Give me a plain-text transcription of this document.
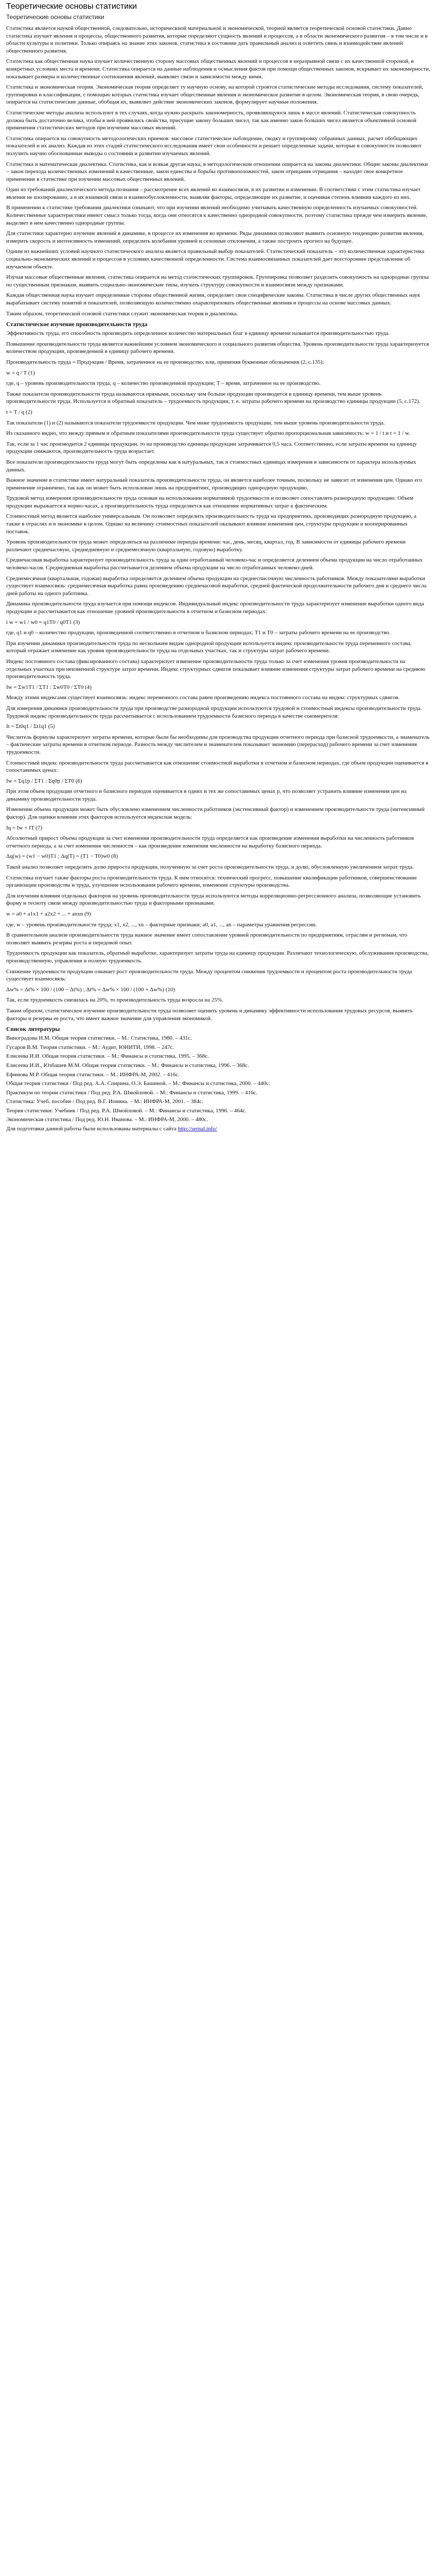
Теоретические основы статистики
Теоретические основы статистики
Статистика является наукой общественной, следовательно, историческиой материальной и экономической, теорией является теоретической основой статистики. Давно статистика изучает явления и процессы, общественного развития, которые определяют сущность явлений и процессов, а в области экономического развития – в том числе и в области культуры и политики. Только опираясь на знание этих законов, статистика в состоянии дать правильный анализ и осветить связь и взаимодействие явлений общественного развития.
Статистика как общественная наука изучает количественную сторону массовых общественных явлений и процессов в неразрывной связи с их качественной стороной, в конкретных условиях места и времени. Статистика опирается на данные наблюдения и осмысления фактов при помощи общественных законов, вскрывает их закономерности, показывает размеры и количественные соотношения явлений, выявляет связи и зависимости между ними.
Статистика и экономическая теория. Экономическая теория определяет ту научную основу, на которой строятся статистические методы исследования, систему показателей, группировки и классификации, с помощью которых статистика изучает общественные явления и экономическое развитие в целом. Экономическая теория, в свою очередь, опирается на статистические данные, обобщая их, выявляет действие экономических законов, формулирует научные положения.
Статистические методы анализа используют в тех случаях, когда нужно раскрыть закономерность, проявляющуюся лишь в массе явлений. Статистическая совокупность должна быть достаточно велика, чтобы в ней проявились свойства, присущие закону больших чисел, так как именно закон больших чисел является объективной основой применения статистических методов при изучении массовых явлений.
Статистика опирается на совокупность методологических приемов: массовое статистическое наблюдение, сводку и группировку собранных данных, расчет обобщающих показателей и их анализ. Каждая из этих стадий статистического исследования имеет свои особенности и решает определенные задачи, которые в совокупности позволяют получить научно обоснованные выводы о состоянии и развитии изучаемых явлений.
Статистика и математическая диалектика. Статистика, как и всякая другая наука, в методологическом отношении опирается на законы диалектики. Общие законы диалектики – закон перехода количественных изменений в качественные, закон единства и борьбы противоположностей, закон отрицания отрицания – находят свое конкретное применение в статистике при изучении массовых общественных явлений.
Один из требований диалектического метода познания – рассмотрение всех явлений во взаимосвязи, в их развитии и изменении. В соответствии с этим статистика изучает явления не изолированно, а в их взаимной связи и взаимообусловленности, выявляя факторы, определяющие их развитие, и оценивая степень влияния каждого из них.
В применении к статистике требования диалектики означают, что при изучении явлений необходимо учитывать качественную определенность изучаемых совокупностей. Количественные характеристики имеют смысл только тогда, когда они относятся к качественно однородной совокупности, поэтому статистика прежде чем измерить явление, выделяет в нем качественно однородные группы.
Для статистики характерно изучение явлений в динамике, в процессе их изменения во времени. Ряды динамики позволяют выявить основную тенденцию развития явления, измерить скорость и интенсивность изменений, определить колебания уровней и сезонные отклонения, а также построить прогноз на будущее.
Одним из важнейших условий научного статистического анализа является правильный выбор показателей. Статистический показатель – это количественная характеристика социально-экономических явлений и процессов в условиях качественной определенности. Система взаимосвязанных показателей дает всестороннее представление об изучаемом объекте.
Изучая массовые общественные явления, статистика опирается на метод статистических группировок. Группировка позволяет разделить совокупность на однородные группы по существенным признакам, выявить социально-экономические типы, изучить структуру совокупности и взаимосвязи между признаками.
Каждая общественная наука изучает определенные стороны общественной жизни, определяет свои специфические законы. Статистика в числе других общественных наук вырабатывает систему понятий и показателей, позволяющую количественно охарактеризовать общественные явления и процессы на основе массовых данных.
Таким образом, теоретической основой статистики служит экономическая теория и диалектика.
Статистическое изучение производительности труда
Эффективность труда, его способность производить определенное количество материальных благ в единицу времени называется производительностью труда.
Повышение производительности труда является важнейшим условием экономического и социального развития общества. Уровень производительности труда характеризуется количеством продукции, произведенной в единицу рабочего времени.
Производительность труда = Продукция / Время, затраченное на ее производство, или, применяя буквенные обозначения (2, с.135):
w = q / T (1)
где, q – уровень производительности труда; q – количество произведенной продукции; T – время, затраченное на ее производство.
Также показатели производительности труда называются прямыми, поскольку чем больше продукции производится в единицу времени, тем выше уровень производительности труда. Используется и обратный показатель – трудоемкость продукции, т. е. затраты рабочего времени на производство единицы продукции (5, с.172).
t = T / q (2)
Так показатели (1) и (2) называются показатели трудоемкости продукции. Чем ниже трудоемкость продукции, тем выше уровень производительности труда.
Из сказанного видно, что между прямым и обратным показателями производительности труда существует обратно пропорциональная зависимость: w = 1 / t и t = 1 / w.
Так, если за 1 час производится 2 единицы продукции, то на производство единицы продукции затрачивается 0,5 часа. Соответственно, если затраты времени на единицу продукции снижаются, производительность труда возрастает.
Все показатели производительности труда могут быть определены как в натуральных, так и стоимостных единицах измерения в зависимости от характера используемых данных.
Важное значение в статистике имеет натуральный показатель производительности труда, он является наиболее точным, поскольку не зависит от изменения цен. Однако его применение ограничено, так как он может быть использован лишь на предприятиях, производящих однородную продукцию.
Трудовой метод измерения производительности труда основан на использовании нормативной трудоемкости и позволяет сопоставлять разнородную продукцию. Объем продукции выражается в нормо-часах, а производительность труда определяется как отношение нормативных затрат к фактическим.
Стоимостный метод является наиболее универсальным. Он позволяет определить производительность труда на предприятиях, производящих разнородную продукцию, а также в отраслях и в экономике в целом. Однако на величину стоимостных показателей оказывают влияние изменения цен, структуры продукции и кооперированных поставок.
Уровень производительности труда может определяться на различные периоды времени: час, день, месяц, квартал, год. В зависимости от единицы рабочего времени различают среднечасовую, среднедневную и среднемесячную (квартальную, годовую) выработку.
Среднечасовая выработка характеризует производительность труда за один отработанный человеко-час и определяется делением объема продукции на число отработанных человеко-часов. Среднедневная выработка рассчитывается делением объема продукции на число отработанных человеко-дней.
Среднемесячная (квартальная, годовая) выработка определяется делением объема продукции на среднесписочную численность работников. Между показателями выработки существует взаимосвязь: среднемесячная выработка равна произведению среднечасовой выработки, средней фактической продолжительности рабочего дня и среднего числа дней работы на одного работника.
Динамика производительности труда изучается при помощи индексов. Индивидуальный индекс производительности труда характеризует изменение выработки одного вида продукции и рассчитывается как отношение уровней производительности в отчетном и базисном периодах:
i w = w1 / w0 = q1T0 / q0T1 (3)
где, q1 и q0 – количество продукции, произведенной соответственно в отчетном и базисном периодах; T1 и T0 – затраты рабочего времени на ее производство.
При изучении динамики производительности труда по нескольким видам однородной продукции используется индекс производительности труда переменного состава, который отражает изменение как уровня производительности труда на отдельных участках, так и структуры затрат рабочего времени.
Индекс постоянного состава (фиксированного состава) характеризует изменение производительности труда только за счет изменения уровня производительности на отдельных участках при неизменной структуре затрат времени. Индекс структурных сдвигов показывает влияние изменения структуры затрат рабочего времени на среднюю производительность труда.
Iw = Σw1T1 / ΣT1 : Σw0T0 / ΣT0 (4)
Между этими индексами существует взаимосвязь: индекс переменного состава равен произведению индекса постоянного состава на индекс структурных сдвигов.
Для измерения динамики производительности труда при производстве разнородной продукции используются трудовой и стоимостный индексы производительности труда. Трудовой индекс производительности труда рассчитывается с использованием трудоемкости базисного периода в качестве соизмерителя:
It = Σt0q1 / Σt1q1 (5)
Числитель формулы характеризует затраты времени, которые были бы необходимы для производства продукции отчетного периода при базисной трудоемкости, а знаменатель – фактические затраты времени в отчетном периоде. Разность между числителем и знаменателем показывает экономию (перерасход) рабочего времени за счет изменения трудоемкости.
Стоимостный индекс производительности труда рассчитывается как отношение стоимостной выработки в отчетном и базисном периодах, где объем продукции оценивается в сопоставимых ценах:
Iw = Σq1p / ΣT1 : Σq0p / ΣT0 (6)
При этом объем продукции отчетного и базисного периодов оценивается в одних и тех же сопоставимых ценах p, что позволяет устранить влияние изменения цен на динамику производительности труда.
Изменение объема продукции может быть обусловлено изменением численности работников (экстенсивный фактор) и изменением производительности труда (интенсивный фактор). Для оценки влияния этих факторов используется индексная модель:
Iq = Iw × IT (7)
Абсолютный прирост объема продукции за счет изменения производительности труда определяется как произведение изменения выработки на численность работников отчетного периода, а за счет изменения численности – как произведение изменения численности на выработку базисного периода.
Δq(w) = (w1 − w0)T1 ; Δq(T) = (T1 − T0)w0 (8)
Такой анализ позволяет определить долю прироста продукции, полученную за счет роста производительности труда, и долю, обусловленную увеличением затрат труда.
Статистика изучает также факторы роста производительности труда. К ним относятся: технический прогресс, повышение квалификации работников, совершенствование организации производства и труда, улучшение использования рабочего времени, изменение структуры производства.
Для изучения влияния отдельных факторов на уровень производительности труда используются методы корреляционно-регрессионного анализа, позволяющие установить форму и тесноту связи между производительностью труда и факторными признаками.
w = a0 + a1x1 + a2x2 + ... + anxn (9)
где, w – уровень производительности труда; x1, x2, ..., xn – факторные признаки; a0, a1, ..., an – параметры уравнения регрессии.
В сравнительном анализе производительности труда важное значение имеет сопоставление уровней производительности по предприятиям, отраслям и регионам, что позволяет выявить резервы роста и передовой опыт.
Трудоемкость продукции как показатель, обратный выработке, характеризует затраты труда на единицу продукции. Различают технологическую, обслуживания производства, производственную, управления и полную трудоемкость.
Снижение трудоемкости продукции означает рост производительности труда. Между процентом снижения трудоемкости и процентом роста производительности труда существует взаимосвязь:
Δw% = Δt% × 100 / (100 − Δt%) ; Δt% = Δw% × 100 / (100 + Δw%) (10)
Так, если трудоемкость снизилась на 20%, то производительность труда возросла на 25%.
Таким образом, статистическое изучение производительности труда позволяет оценить уровень и динамику эффективности использования трудовых ресурсов, выявить факторы и резервы ее роста, что имеет важное значение для управления экономикой.
Список литературы
Виноградова Н.М. Общая теория статистики. – М.: Статистика, 1980. – 431с.
Гусаров В.М. Теория статистики. – М.: Аудит, ЮНИТИ, 1998. – 247с.
Елисеева И.И. Общая теория статистики. – М.: Финансы и статистика, 1995. – 368с.
Елисеева И.И., Юзбашев М.М. Общая теория статистики. – М.: Финансы и статистика, 1996. – 368с.
Ефимова М.Р. Общая теория статистики. – М.: ИНФРА-М, 2002. – 416с.
Общая теория статистики / Под ред. А.А. Спирина, О.Э. Башиной. – М.: Финансы и статистика, 2000. – 440с.
Практикум по теории статистики / Под ред. Р.А. Шмойловой. – М.: Финансы и статистика, 1999. – 416с.
Статистика: Учеб. пособие / Под ред. В.Г. Ионина. – М.: ИНФРА-М, 2001. – 384с.
Теория статистики: Учебник / Под ред. Р.А. Шмойловой. – М.: Финансы и статистика, 1996. – 464с.
Экономическая статистика / Под ред. Ю.Н. Иванова. – М.: ИНФРА-М, 2000. – 480с.
Для подготовки данной работы были использованы материалы с сайта http://sernal.info/
